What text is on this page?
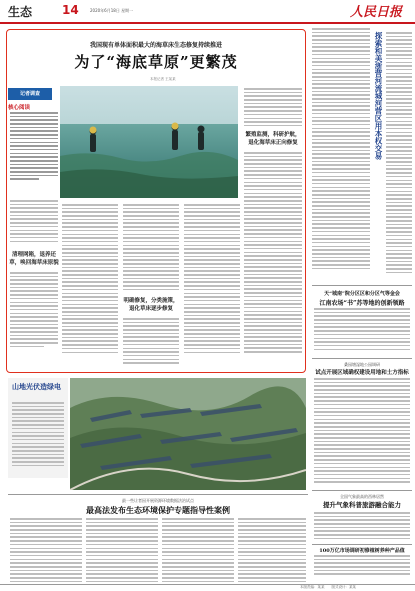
生态 14	2020年6月18日 星期一	人民日报
我国现有单体面积最大的海草床生态修复持续推进
为了“海底草原”更繁茂
本报记者 王某某
记者调查
核心阅读
清理网箱，退养还草，唤回海草床原貌
明确修复，分类施策，退化草床逐步修复
繁殖监测，科研护航，退化海草床正向修复	探索和美浙营河流城河营区用本权交易
天“城南”院分区区和分区气等金会
江南农场“书”苏等地的创新领路
桑园塘湿地公园调研
试点开展区域确权建设用地和土方指标
全国气象最高的西林居然
提升气象科普旅游融合能力
100万亿市场调研初修植树养种产品值
山地光伏造绿电
最一些让者因开展资源环境数据法治试点
最高法发布生态环境保护专题指导性案例
本版责编：某某　　版式设计：某某
